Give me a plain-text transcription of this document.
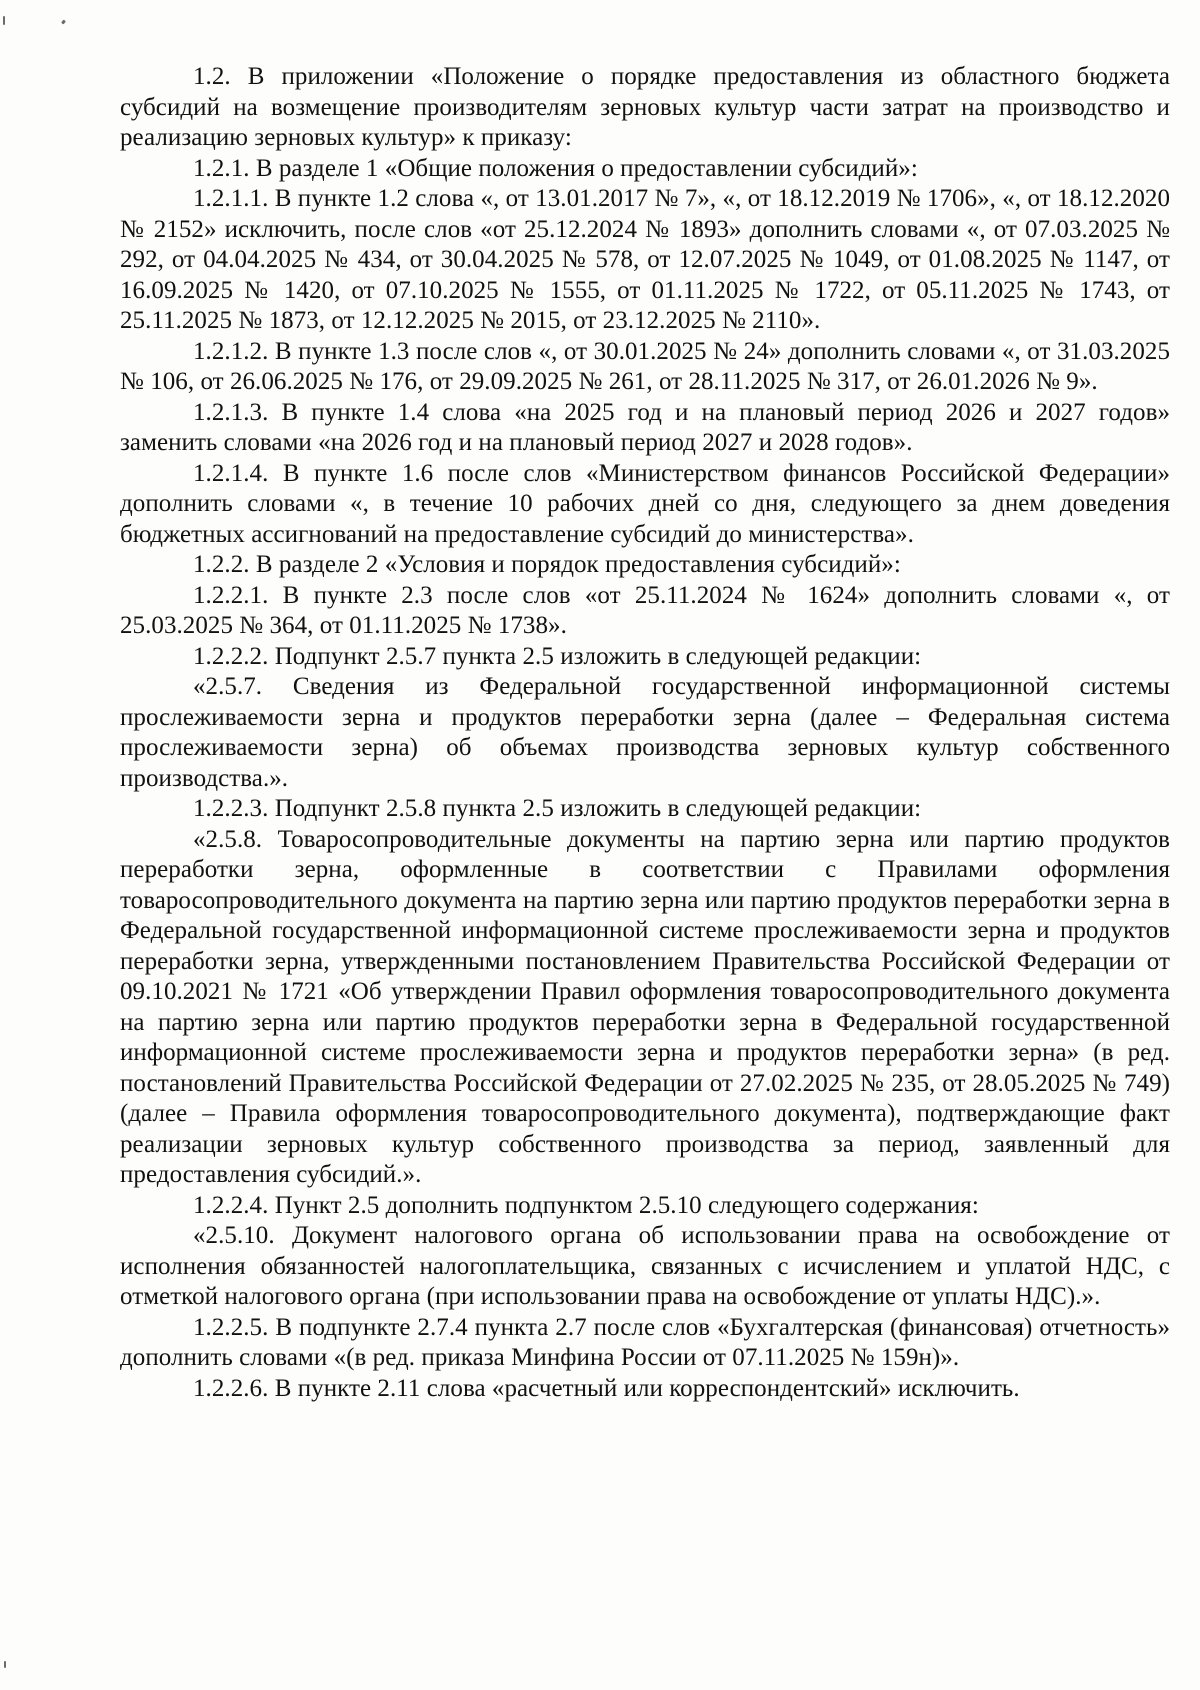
1.2. В приложении «Положение о порядке предоставления из областного бюджета субсидий на возмещение производителям зерновых культур части затрат на производство и реализацию зерновых культур» к приказу:

1.2.1. В разделе 1 «Общие положения о предоставлении субсидий»:

1.2.1.1. В пункте 1.2 слова «, от 13.01.2017 № 7», «, от 18.12.2019 № 1706», «, от 18.12.2020 № 2152» исключить, после слов «от 25.12.2024 № 1893» дополнить словами «, от 07.03.2025 № 292, от 04.04.2025 № 434, от 30.04.2025 № 578, от 12.07.2025 № 1049, от 01.08.2025 № 1147, от 16.09.2025 № 1420, от 07.10.2025 № 1555, от 01.11.2025 № 1722, от 05.11.2025 № 1743, от 25.11.2025 № 1873, от 12.12.2025 № 2015, от 23.12.2025 № 2110».

1.2.1.2. В пункте 1.3 после слов «, от 30.01.2025 № 24» дополнить словами «, от 31.03.2025 № 106, от 26.06.2025 № 176, от 29.09.2025 № 261, от 28.11.2025 № 317, от 26.01.2026 № 9».

1.2.1.3. В пункте 1.4 слова «на 2025 год и на плановый период 2026 и 2027 годов» заменить словами «на 2026 год и на плановый период 2027 и 2028 годов».

1.2.1.4. В пункте 1.6 после слов «Министерством финансов Российской Федерации» дополнить словами «, в течение 10 рабочих дней со дня, следующего за днем доведения бюджетных ассигнований на предоставление субсидий до министерства».

1.2.2. В разделе 2 «Условия и порядок предоставления субсидий»:

1.2.2.1. В пункте 2.3 после слов «от 25.11.2024 № 1624» дополнить словами «, от 25.03.2025 № 364, от 01.11.2025 № 1738».

1.2.2.2. Подпункт 2.5.7 пункта 2.5 изложить в следующей редакции:

«2.5.7. Сведения из Федеральной государственной информационной системы прослеживаемости зерна и продуктов переработки зерна (далее – Федеральная система прослеживаемости зерна) об объемах производства зерновых культур собственного производства.».

1.2.2.3. Подпункт 2.5.8 пункта 2.5 изложить в следующей редакции:

«2.5.8. Товаросопроводительные документы на партию зерна или партию продуктов переработки зерна, оформленные в соответствии с Правилами оформления товаросопроводительного документа на партию зерна или партию продуктов переработки зерна в Федеральной государственной информационной системе прослеживаемости зерна и продуктов переработки зерна, утвержденными постановлением Правительства Российской Федерации от 09.10.2021 № 1721 «Об утверждении Правил оформления товаросопроводительного документа на партию зерна или партию продуктов переработки зерна в Федеральной государственной информационной системе прослеживаемости зерна и продуктов переработки зерна» (в ред. постановлений Правительства Российской Федерации от 27.02.2025 № 235, от 28.05.2025 № 749) (далее – Правила оформления товаросопроводительного документа), подтверждающие факт реализации зерновых культур собственного производства за период, заявленный для предоставления субсидий.».

1.2.2.4. Пункт 2.5 дополнить подпунктом 2.5.10 следующего содержания:

«2.5.10. Документ налогового органа об использовании права на освобождение от исполнения обязанностей налогоплательщика, связанных с исчислением и уплатой НДС, с отметкой налогового органа (при использовании права на освобождение от уплаты НДС).».

1.2.2.5. В подпункте 2.7.4 пункта 2.7 после слов «Бухгалтерская (финансовая) отчетность» дополнить словами «(в ред. приказа Минфина России от 07.11.2025 № 159н)».

1.2.2.6. В пункте 2.11 слова «расчетный или корреспондентский» исключить.
